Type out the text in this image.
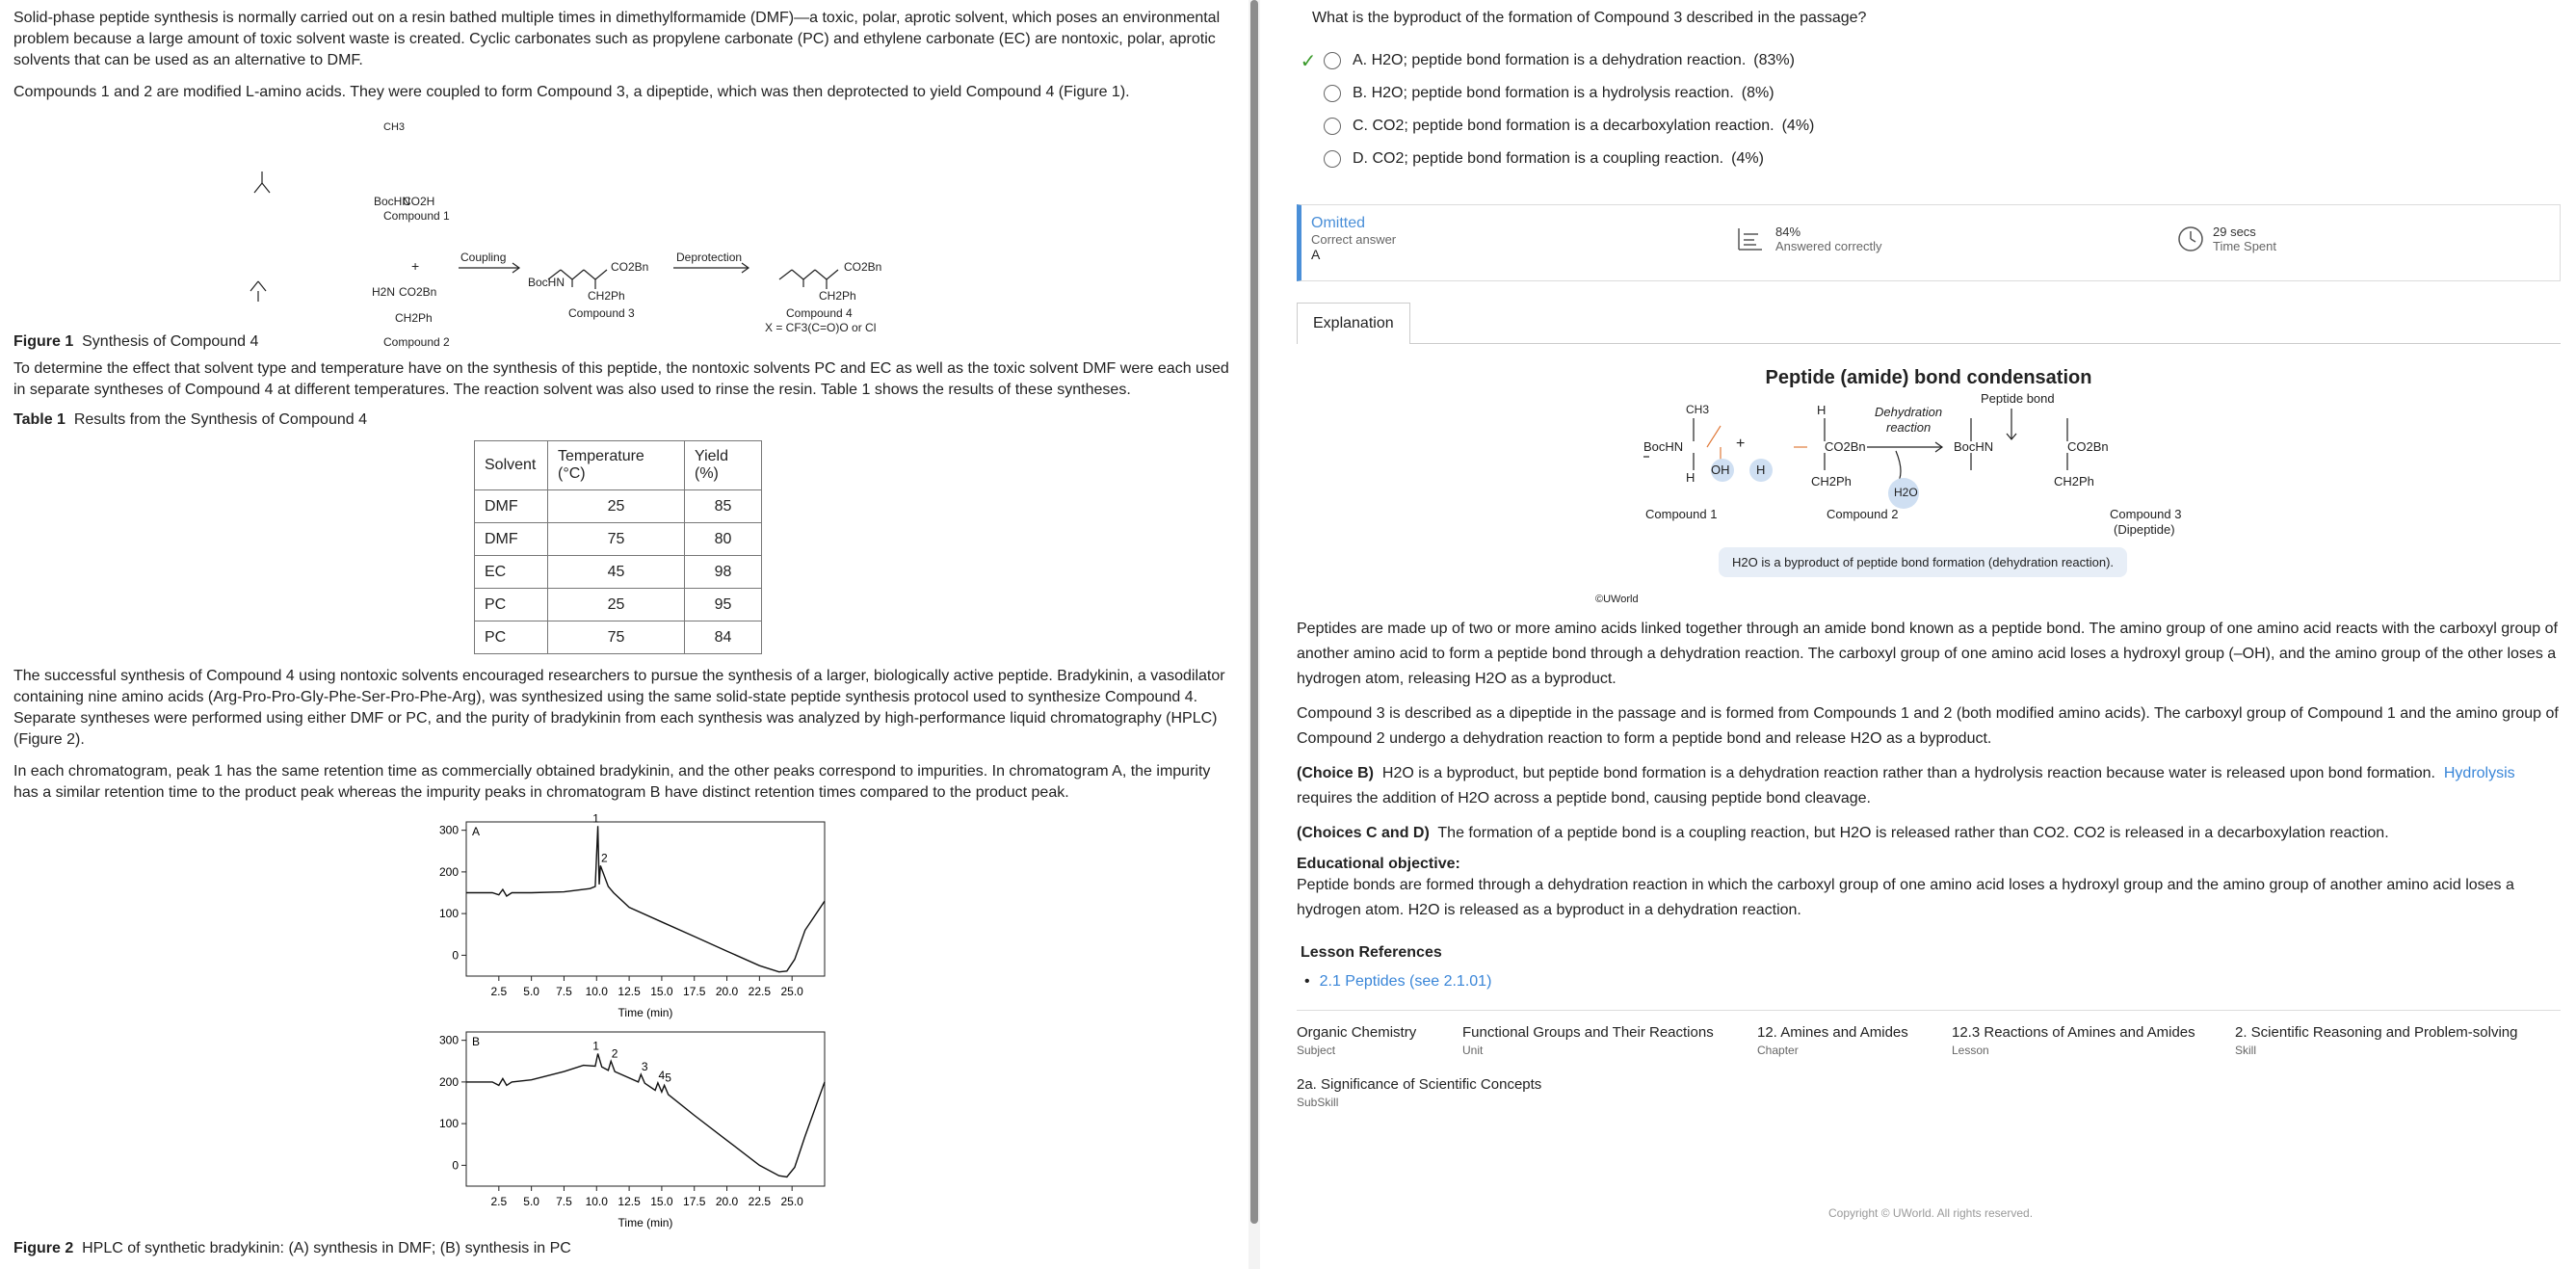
Solid-phase peptide synthesis is normally carried out on a resin bathed multiple times in dimethylformamide (DMF)—a toxic, polar, aprotic solvent, which poses an environmental problem because a large amount of toxic solvent waste is created. Cyclic carbonates such as propylene carbonate (PC) and ethylene carbonate (EC) are nontoxic, polar, aprotic solvents that can be used as an alternative to DMF.

Compounds 1 and 2 are modified L-amino acids. They were coupled to form Compound 3, a dipeptide, which was then deprotected to yield Compound 4 (Figure 1).

CH3
BocHN
CO2H
Compound 1
+
H2N CO2Bn
CH2Ph
Compound 2
Coupling
BocHN
CO2Bn
CH2Ph
Compound 3
Deprotection
CO2Bn
CH2Ph
Compound 4
X = CF3(C=O)O or Cl
Figure 1 Synthesis of Compound 4

To determine the effect that solvent type and temperature have on the synthesis of this peptide, the nontoxic solvents PC and EC as well as the toxic solvent DMF were each used in separate syntheses of Compound 4 at different temperatures. The reaction solvent was also used to rinse the resin. Table 1 shows the results of these syntheses.

Table 1 Results from the Synthesis of Compound 4
Solvent	Temperature (°C)	Yield (%)
DMF	25	85
DMF	75	80
EC	45	98
PC	25	95
PC	75	84

The successful synthesis of Compound 4 using nontoxic solvents encouraged researchers to pursue the synthesis of a larger, biologically active peptide. Bradykinin, a vasodilator containing nine amino acids (Arg-Pro-Pro-Gly-Phe-Ser-Pro-Phe-Arg), was synthesized using the same solid-state peptide synthesis protocol used to synthesize Compound 4. Separate syntheses were performed using either DMF or PC, and the purity of bradykinin from each synthesis was analyzed by high-performance liquid chromatography (HPLC) (Figure 2).

In each chromatogram, peak 1 has the same retention time as commercially obtained bradykinin, and the other peaks correspond to impurities. In chromatogram A, the impurity has a similar retention time to the product peak whereas the impurity peaks in chromatogram B have distinct retention times compared to the product peak.

A
0
100
200
300
2.5 5.0 7.5 10.0 12.5 15.0 17.5 20.0 22.5 25.0
Time (min)
1
2
B
0
100
200
300
2.5 5.0 7.5 10.0 12.5 15.0 17.5 20.0 22.5 25.0
Time (min)
1
2
3
4 5
Figure 2 HPLC of synthetic bradykinin: (A) synthesis in DMF; (B) synthesis in PC
What is the byproduct of the formation of Compound 3 described in the passage?
✓ A.
H2O; peptide bond formation is a dehydration reaction. (83%)
B.
H2O; peptide bond formation is a hydrolysis reaction. (8%)
C.
CO2; peptide bond formation is a decarboxylation reaction. (4%)
D.
CO2; peptide bond formation is a coupling reaction. (4%)
Omitted
Correct answer
A
84%
Answered correctly
29 secs
Time Spent
Explanation
Peptide (amide) bond condensation
CH3
BocHN
OH
H
+
H
H
CO2Bn
CH2Ph
Dehydration
reaction
H2O
Peptide bond
BocHN	CO2Bn
CH2Ph
Compound 1	Compound 2	Compound 3
(Dipeptide)
H2O is a byproduct of peptide bond formation (dehydration reaction).
©UWorld

Peptides are made up of two or more amino acids linked together through an amide bond known as a peptide bond. The amino group of one amino acid reacts with the carboxyl group of another amino acid to form a peptide bond through a dehydration reaction. The carboxyl group of one amino acid loses a hydroxyl group (–OH), and the amino group of the other loses a hydrogen atom, releasing H2O as a byproduct.

Compound 3 is described as a dipeptide in the passage and is formed from Compounds 1 and 2 (both modified amino acids). The carboxyl group of Compound 1 and the amino group of Compound 2 undergo a dehydration reaction to form a peptide bond and release H2O as a byproduct.

(Choice B) H2O is a byproduct, but peptide bond formation is a dehydration reaction rather than a hydrolysis reaction because water is released upon bond formation. Hydrolysis requires the addition of H2O across a peptide bond, causing peptide bond cleavage.

(Choices C and D) The formation of a peptide bond is a coupling reaction, but H2O is released rather than CO2. CO2 is released in a decarboxylation reaction.

Educational objective:

Peptide bonds are formed through a dehydration reaction in which the carboxyl group of one amino acid loses a hydroxyl group and the amino group of another amino acid loses a hydrogen atom. H2O is released as a byproduct in a dehydration reaction.

Lesson References
• 2.1 Peptides (see 2.1.01)
Organic Chemistry
Subject
Functional Groups and Their Reactions
Unit
12. Amines and Amides
Chapter
12.3 Reactions of Amines and Amides
Lesson
2. Scientific Reasoning and Problem-solving
Skill
2a. Significance of Scientific Concepts
SubSkill
Copyright © UWorld. All rights reserved.
